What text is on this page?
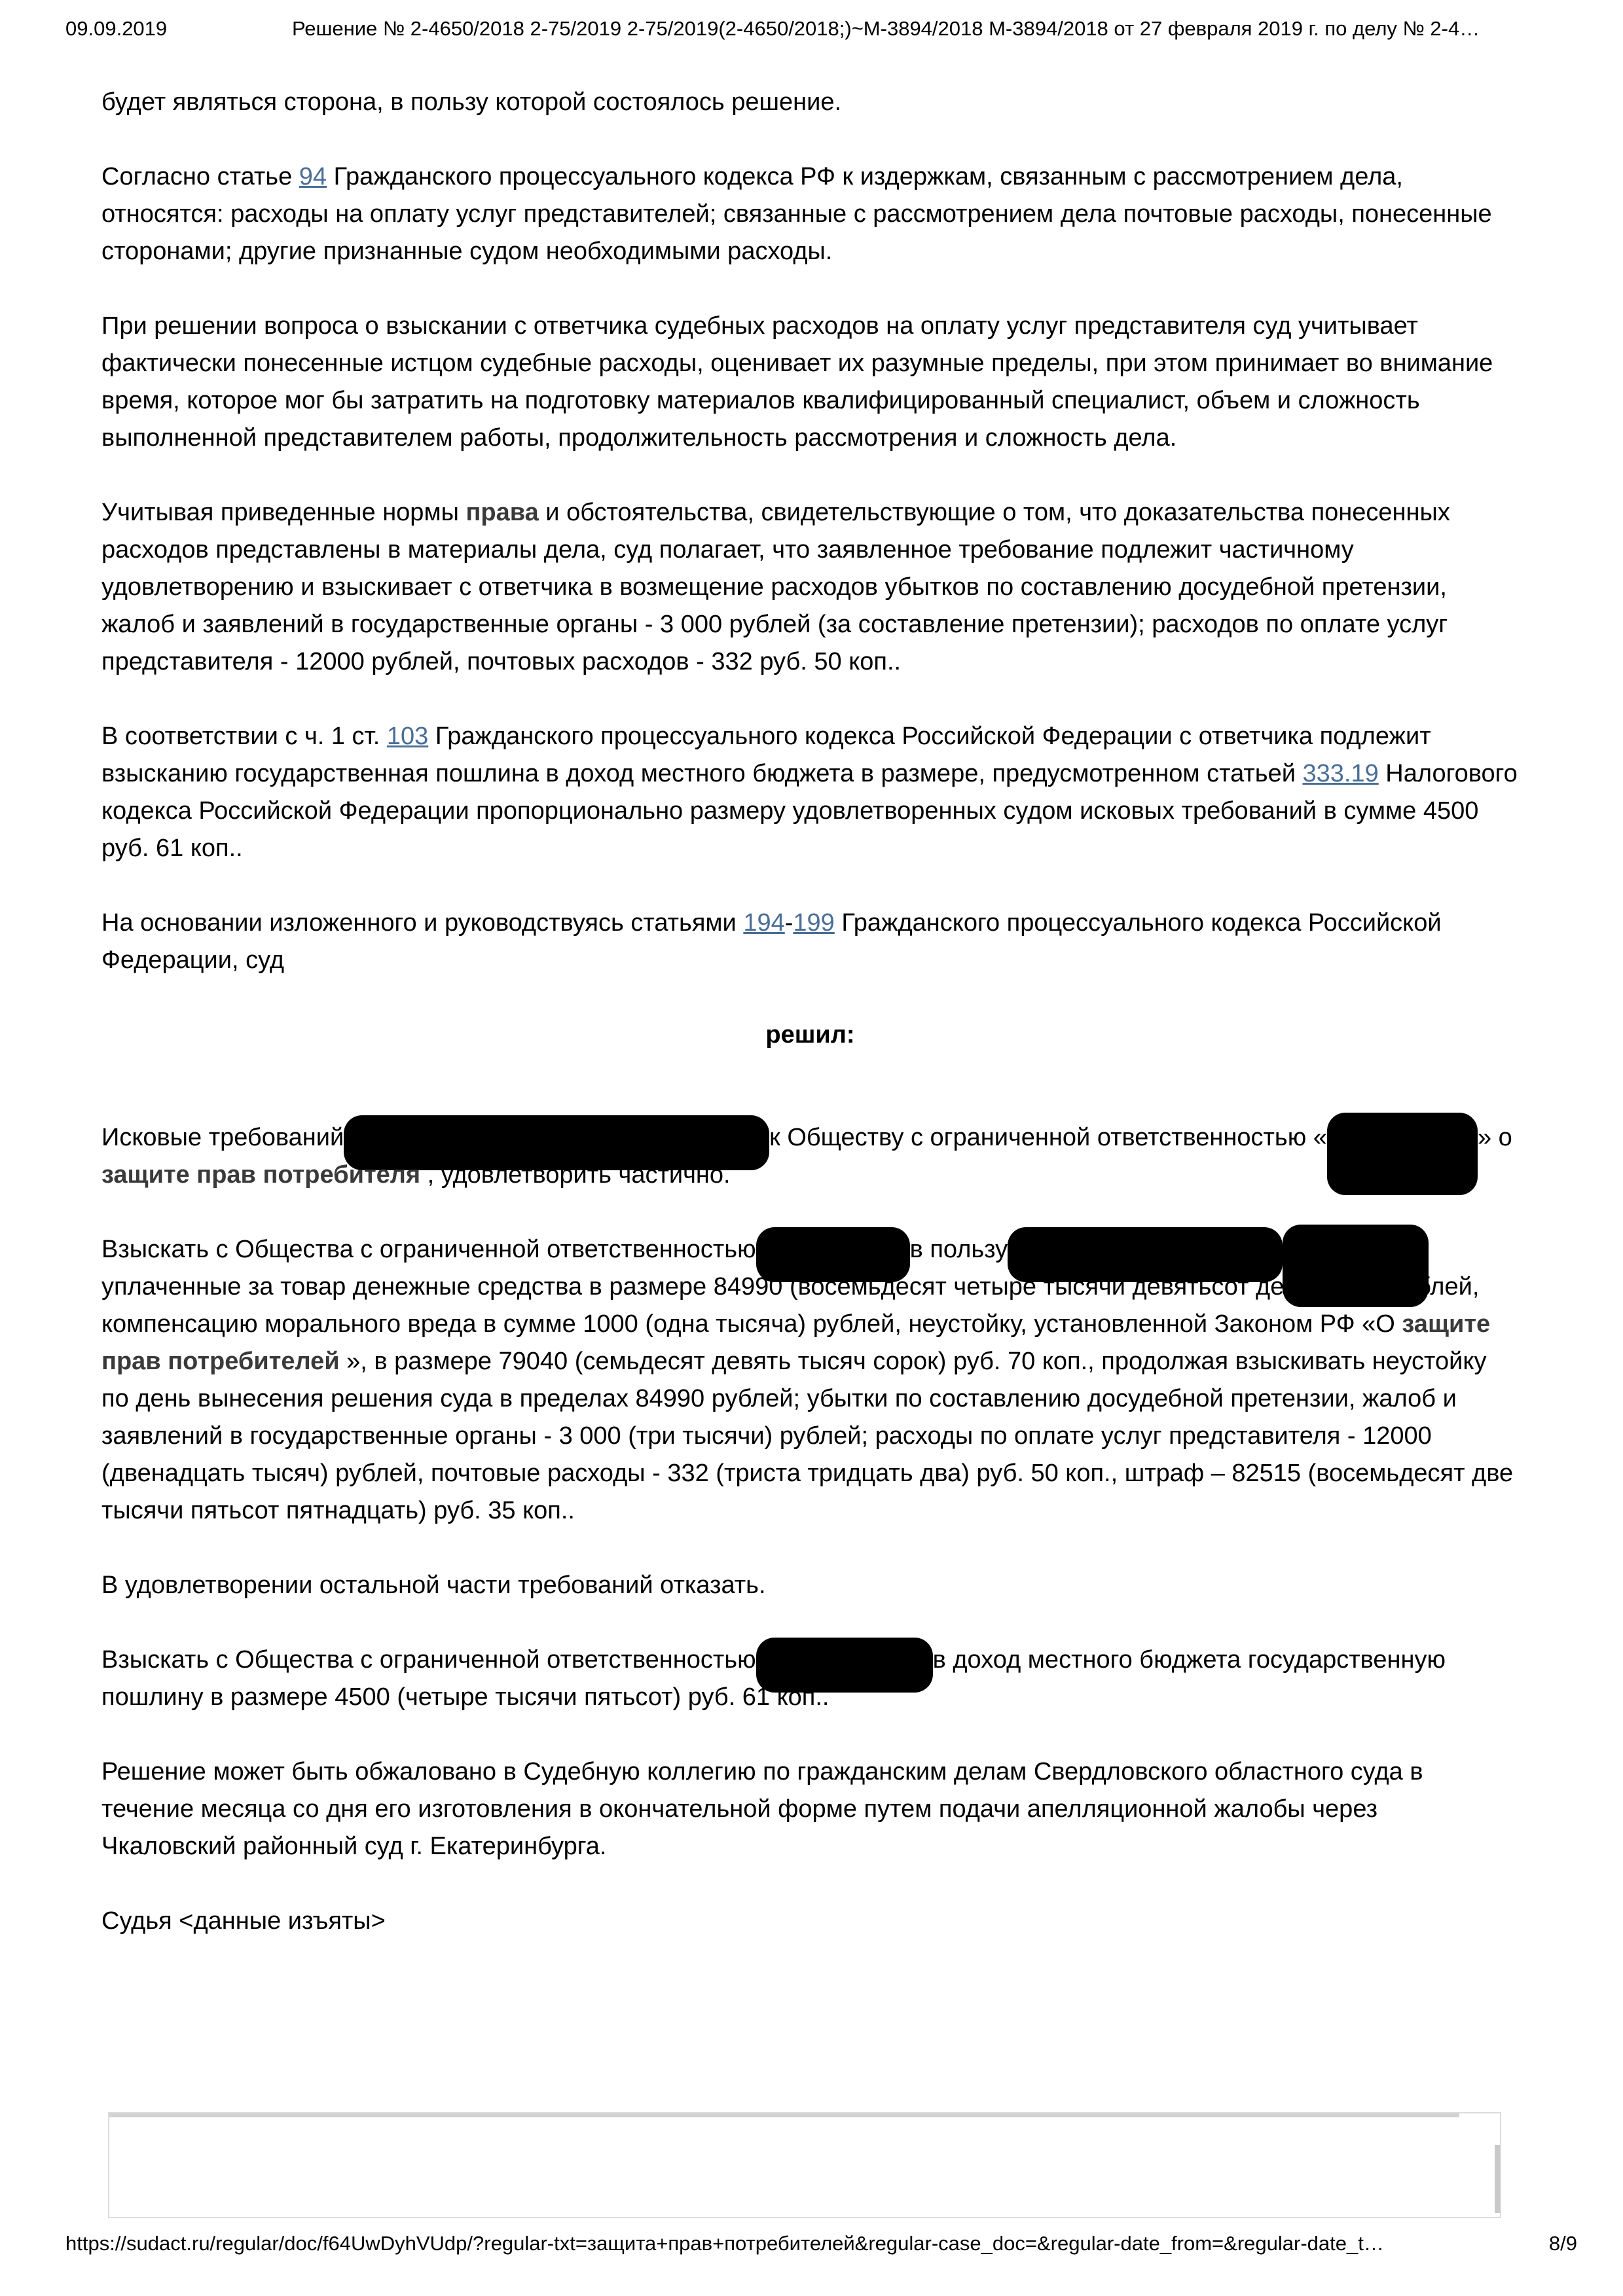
09.09.2019	Решение № 2-4650/2018 2-75/2019 2-75/2019(2-4650/2018;)~М-3894/2018 М-3894/2018 от 27 февраля 2019 г. по делу № 2-4…

будет являться сторона, в пользу которой состоялось решение.

Согласно статье 94 Гражданского процессуального кодекса РФ к издержкам, связанным с рассмотрением дела, относятся: расходы на оплату услуг представителей; связанные с рассмотрением дела почтовые расходы, понесенные сторонами; другие признанные судом необходимыми расходы.

При решении вопроса о взыскании с ответчика судебных расходов на оплату услуг представителя суд учитывает фактически понесенные истцом судебные расходы, оценивает их разумные пределы, при этом принимает во внимание время, которое мог бы затратить на подготовку материалов квалифицированный специалист, объем и сложность выполненной представителем работы, продолжительность рассмотрения и сложность дела.

Учитывая приведенные нормы права и обстоятельства, свидетельствующие о том, что доказательства понесенных расходов представлены в материалы дела, суд полагает, что заявленное требование подлежит частичному удовлетворению и взыскивает с ответчика в возмещение расходов убытков по составлению досудебной претензии, жалоб и заявлений в государственные органы - 3 000 рублей (за составление претензии); расходов по оплате услуг представителя - 12000 рублей, почтовых расходов - 332 руб. 50 коп..

В соответствии с ч. 1 ст. 103 Гражданского процессуального кодекса Российской Федерации с ответчика подлежит взысканию государственная пошлина в доход местного бюджета в размере, предусмотренном статьей 333.19 Налогового кодекса Российской Федерации пропорционально размеру удовлетворенных судом исковых требований в сумме 4500 руб. 61 коп..

На основании изложенного и руководствуясь статьями 194-199 Гражданского процессуального кодекса Российской Федерации, суд

решил:

Исковые требований	к Обществу с ограниченной ответственностью «	» о защите прав потребителя , удовлетворить частично.

Взыскать с Общества с ограниченной ответственностью	в пользууплаченные за товар денежные средства в размере 84990 (восемьдесят четыре тысячи девятьсот девяноста) рублей, компенсацию морального вреда в сумме 1000 (одна тысяча) рублей, неустойку, установленной Законом РФ «О защите прав потребителей », в размере 79040 (семьдесят девять тысяч сорок) руб. 70 коп., продолжая взыскивать неустойку по день вынесения решения суда в пределах 84990 рублей; убытки по составлению досудебной претензии, жалоб и заявлений в государственные органы - 3 000 (три тысячи) рублей; расходы по оплате услуг представителя - 12000 (двенадцать тысяч) рублей, почтовые расходы - 332 (триста тридцать два) руб. 50 коп., штраф – 82515 (восемьдесят две тысячи пятьсот пятнадцать) руб. 35 коп..

В удовлетворении остальной части требований отказать.

Взыскать с Общества с ограниченной ответственностью	в доход местного бюджета государственную пошлину в размере 4500 (четыре тысячи пятьсот) руб. 61 коп..

Решение может быть обжаловано в Судебную коллегию по гражданским делам Свердловского областного суда в течение месяца со дня его изготовления в окончательной форме путем подачи апелляционной жалобы через Чкаловский районный суд г. Екатеринбурга.

Судья <данные изъяты>

https://sudact.ru/regular/doc/f64UwDyhVUdp/?regular-txt=защита+прав+потребителей&regular-case_doc=&regular-date_from=&regular-date_t…	8/9
